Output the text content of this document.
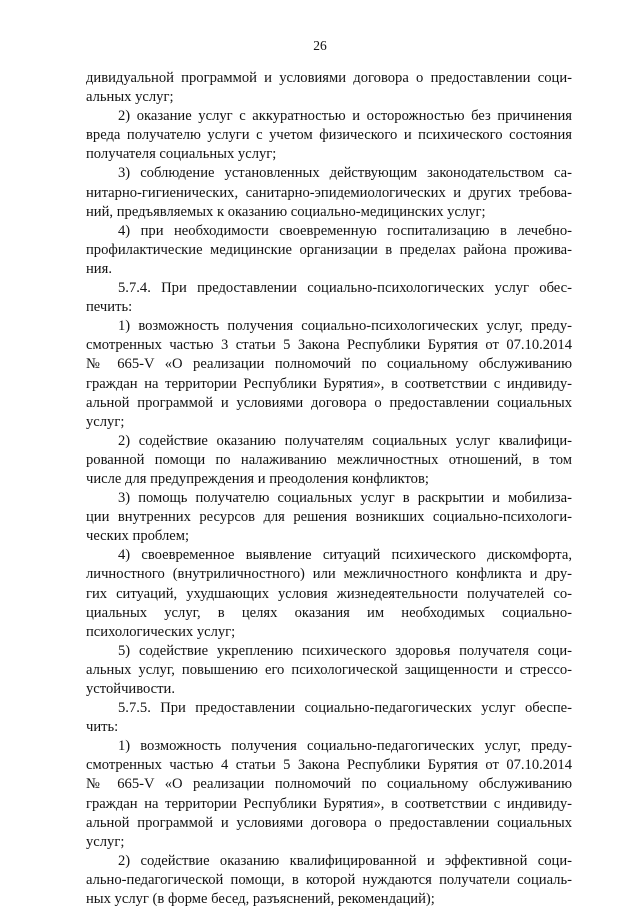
26
дивидуальной программой и условиями договора о предоставлении соци-
альных услуг;
2) оказание услуг с аккуратностью и осторожностью без причинения
вреда получателю услуги с учетом физического и психического состояния
получателя социальных услуг;
3) соблюдение установленных действующим законодательством са-
нитарно-гигиенических, санитарно-эпидемиологических и других требова-
ний, предъявляемых к оказанию социально-медицинских услуг;
4) при необходимости своевременную госпитализацию в лечебно-
профилактические медицинские организации в пределах района прожива-
ния.
5.7.4. При предоставлении социально-психологических услуг обес-
печить:
1) возможность получения социально-психологических услуг, преду-
смотренных частью 3 статьи 5 Закона Республики Бурятия от 07.10.2014
№ 665-V «О реализации полномочий по социальному обслуживанию
граждан на территории Республики Бурятия», в соответствии с индивиду-
альной программой и условиями договора о предоставлении социальных
услуг;
2) содействие оказанию получателям социальных услуг квалифици-
рованной помощи по налаживанию межличностных отношений, в том
числе для предупреждения и преодоления конфликтов;
3) помощь получателю социальных услуг в раскрытии и мобилиза-
ции внутренних ресурсов для решения возникших социально-психологи-
ческих проблем;
4) своевременное выявление ситуаций психического дискомфорта,
личностного (внутриличностного) или межличностного конфликта и дру-
гих ситуаций, ухудшающих условия жизнедеятельности получателей со-
циальных услуг, в целях оказания им необходимых социально-
психологических услуг;
5) содействие укреплению психического здоровья получателя соци-
альных услуг, повышению его психологической защищенности и стрессо-
устойчивости.
5.7.5. При предоставлении социально-педагогических услуг обеспе-
чить:
1) возможность получения социально-педагогических услуг, преду-
смотренных частью 4 статьи 5 Закона Республики Бурятия от 07.10.2014
№ 665-V «О реализации полномочий по социальному обслуживанию
граждан на территории Республики Бурятия», в соответствии с индивиду-
альной программой и условиями договора о предоставлении социальных
услуг;
2) содействие оказанию квалифицированной и эффективной соци-
ально-педагогической помощи, в которой нуждаются получатели социаль-
ных услуг (в форме бесед, разъяснений, рекомендаций);
